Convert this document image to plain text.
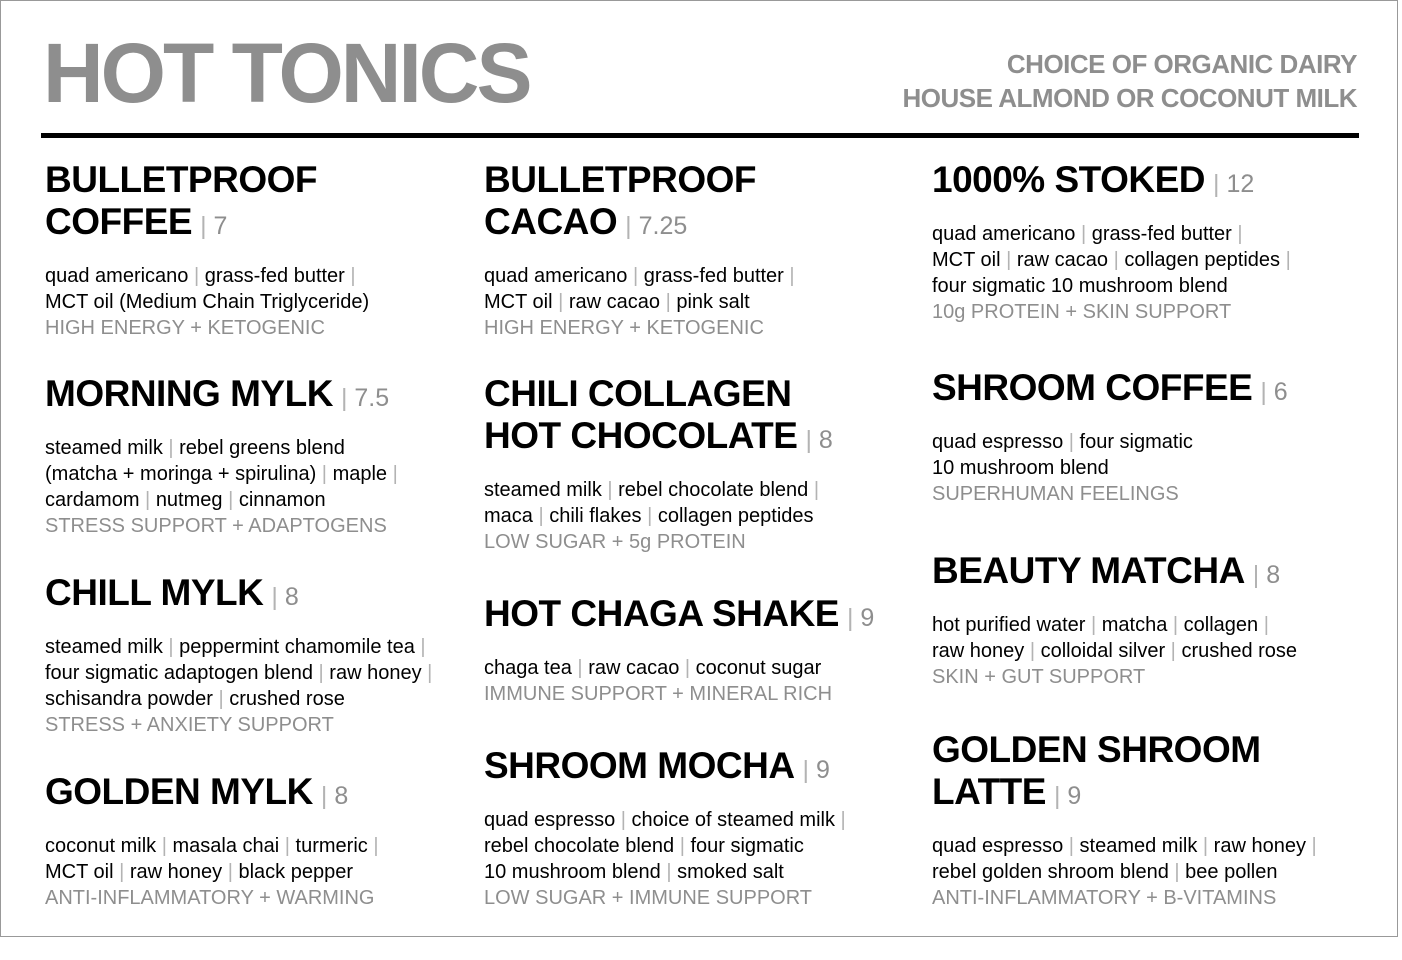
HOT TONICS	CHOICE OF ORGANIC DAIRY
HOUSE ALMOND OR COCONUT MILK
BULLETPROOF
COFFEE | 7
quad americano | grass-fed butter |
MCT oil (Medium Chain Triglyceride)
HIGH ENERGY + KETOGENIC
MORNING MYLK | 7.5
steamed milk | rebel greens blend
(matcha + moringa + spirulina) | maple |
cardamom | nutmeg | cinnamon
STRESS SUPPORT + ADAPTOGENS
CHILL MYLK | 8
steamed milk | peppermint chamomile tea |
four sigmatic adaptogen blend | raw honey |
schisandra powder | crushed rose
STRESS + ANXIETY SUPPORT
GOLDEN MYLK | 8
coconut milk | masala chai | turmeric |
MCT oil | raw honey | black pepper
ANTI-INFLAMMATORY + WARMING
BULLETPROOF
CACAO | 7.25
quad americano | grass-fed butter |
MCT oil | raw cacao | pink salt
HIGH ENERGY + KETOGENIC
CHILI COLLAGEN
HOT CHOCOLATE | 8
steamed milk | rebel chocolate blend |
maca | chili flakes | collagen peptides
LOW SUGAR + 5g PROTEIN
HOT CHAGA SHAKE | 9
chaga tea | raw cacao | coconut sugar
IMMUNE SUPPORT + MINERAL RICH
SHROOM MOCHA | 9
quad espresso | choice of steamed milk |
rebel chocolate blend | four sigmatic
10 mushroom blend | smoked salt
LOW SUGAR + IMMUNE SUPPORT
1000% STOKED | 12
quad americano | grass-fed butter |
MCT oil | raw cacao | collagen peptides |
four sigmatic 10 mushroom blend
10g PROTEIN + SKIN SUPPORT
SHROOM COFFEE | 6
quad espresso | four sigmatic
10 mushroom blend
SUPERHUMAN FEELINGS
BEAUTY MATCHA | 8
hot purified water | matcha | collagen |
raw honey | colloidal silver | crushed rose
SKIN + GUT SUPPORT
GOLDEN SHROOM
LATTE | 9
quad espresso | steamed milk | raw honey |
rebel golden shroom blend | bee pollen
ANTI-INFLAMMATORY + B-VITAMINS
